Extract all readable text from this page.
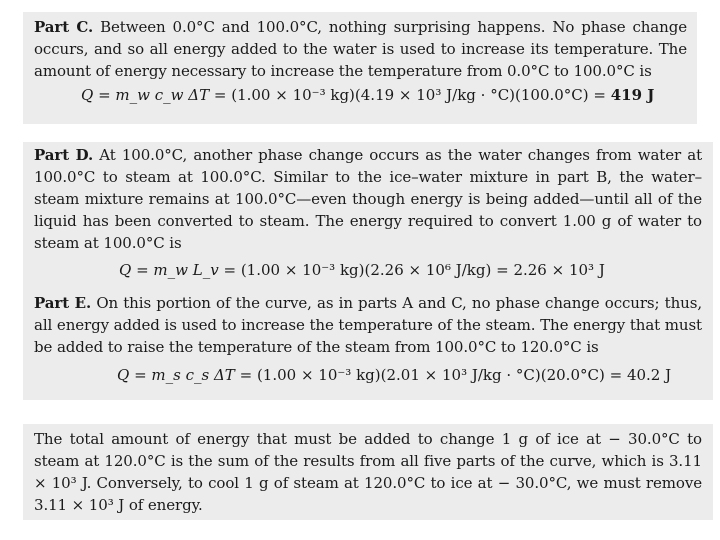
Part C. Between 0.0°C and 100.0°C, nothing surprising happens. No phase change occurs, and so all energy added to the water is used to increase its temperature. The amount of energy necessary to increase the temperature from 0.0°C to 100.0°C is

Q = m_w c_w ΔT = (1.00 × 10⁻³ kg)(4.19 × 10³ J/kg · °C)(100.0°C) = 419 J

Part D. At 100.0°C, another phase change occurs as the water changes from water at 100.0°C to steam at 100.0°C. Similar to the ice–water mixture in part B, the water–steam mixture remains at 100.0°C—even though energy is being added—until all of the liquid has been converted to steam. The energy required to convert 1.00 g of water to steam at 100.0°C is

Q = m_w L_v = (1.00 × 10⁻³ kg)(2.26 × 10⁶ J/kg) = 2.26 × 10³ J

Part E. On this portion of the curve, as in parts A and C, no phase change occurs; thus, all energy added is used to increase the temperature of the steam. The energy that must be added to raise the temperature of the steam from 100.0°C to 120.0°C is

Q = m_s c_s ΔT = (1.00 × 10⁻³ kg)(2.01 × 10³ J/kg · °C)(20.0°C) = 40.2 J

The total amount of energy that must be added to change 1 g of ice at − 30.0°C to steam at 120.0°C is the sum of the results from all five parts of the curve, which is 3.11 × 10³ J. Conversely, to cool 1 g of steam at 120.0°C to ice at − 30.0°C, we must remove 3.11 × 10³ J of energy.
